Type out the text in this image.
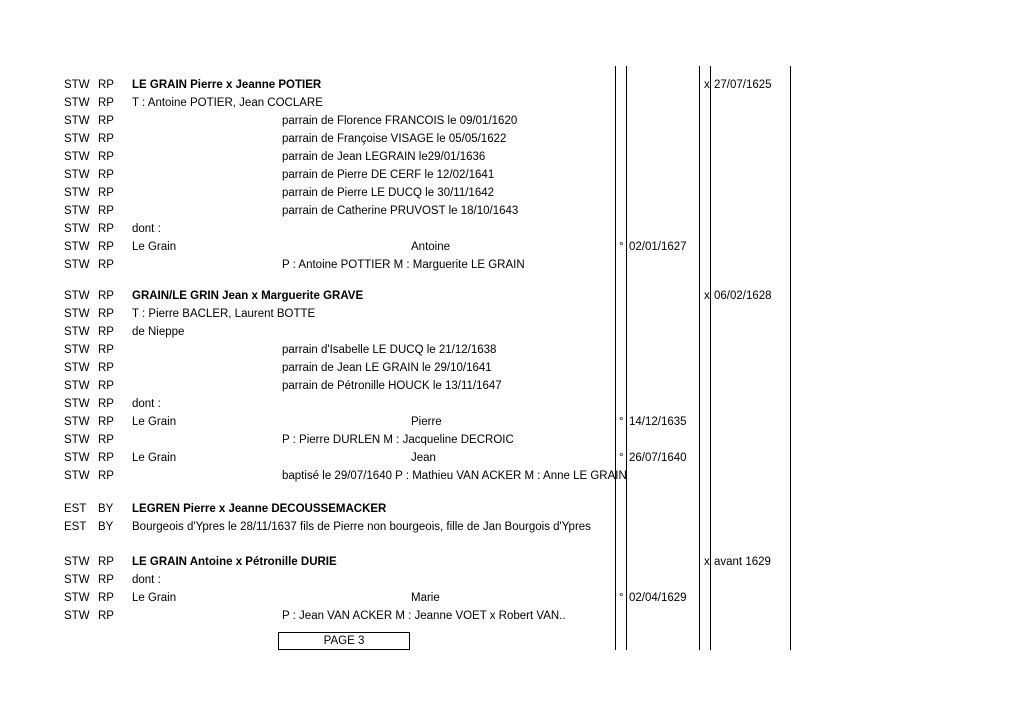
STW RP LE GRAIN Pierre x Jeanne POTIER	x 27/07/1625
STW RP T : Antoine POTIER, Jean COCLARE
STW RP	parrain de Florence FRANCOIS le 09/01/1620
STW RP	parrain de Françoise VISAGE le 05/05/1622
STW RP	parrain de Jean LEGRAIN le29/01/1636
STW RP	parrain de Pierre DE CERF le 12/02/1641
STW RP	parrain de Pierre LE DUCQ le 30/11/1642
STW RP	parrain de Catherine PRUVOST le 18/10/1643
STW RP dont :
STW RP Le Grain	Antoine	° 02/01/1627
STW RP	P : Antoine POTTIER M : Marguerite LE GRAIN
STW RP GRAIN/LE GRIN Jean x Marguerite GRAVE	x 06/02/1628
STW RP T : Pierre BACLER, Laurent BOTTE
STW RP de Nieppe
STW RP	parrain d'Isabelle LE DUCQ le 21/12/1638
STW RP	parrain de Jean LE GRAIN le 29/10/1641
STW RP	parrain de Pétronille HOUCK le 13/11/1647
STW RP dont :
STW RP Le Grain	Pierre	° 14/12/1635
STW RP	P : Pierre DURLEN M : Jacqueline DECROIC
STW RP Le Grain	Jean	° 26/07/1640
STW RP	baptisé le 29/07/1640 P : Mathieu VAN ACKER M : Anne LE GRAIN
EST BY LEGREN Pierre x Jeanne DECOUSSEMACKER
EST BY Bourgeois d'Ypres le 28/11/1637 fils de Pierre non bourgeois, fille de Jan Bourgois d'Ypres
STW RP LE GRAIN Antoine x Pétronille DURIE	x avant 1629
STW RP dont :
STW RP Le Grain	Marie	° 02/04/1629
STW RP	P : Jean VAN ACKER M : Jeanne VOET x Robert VAN..
PAGE 3
